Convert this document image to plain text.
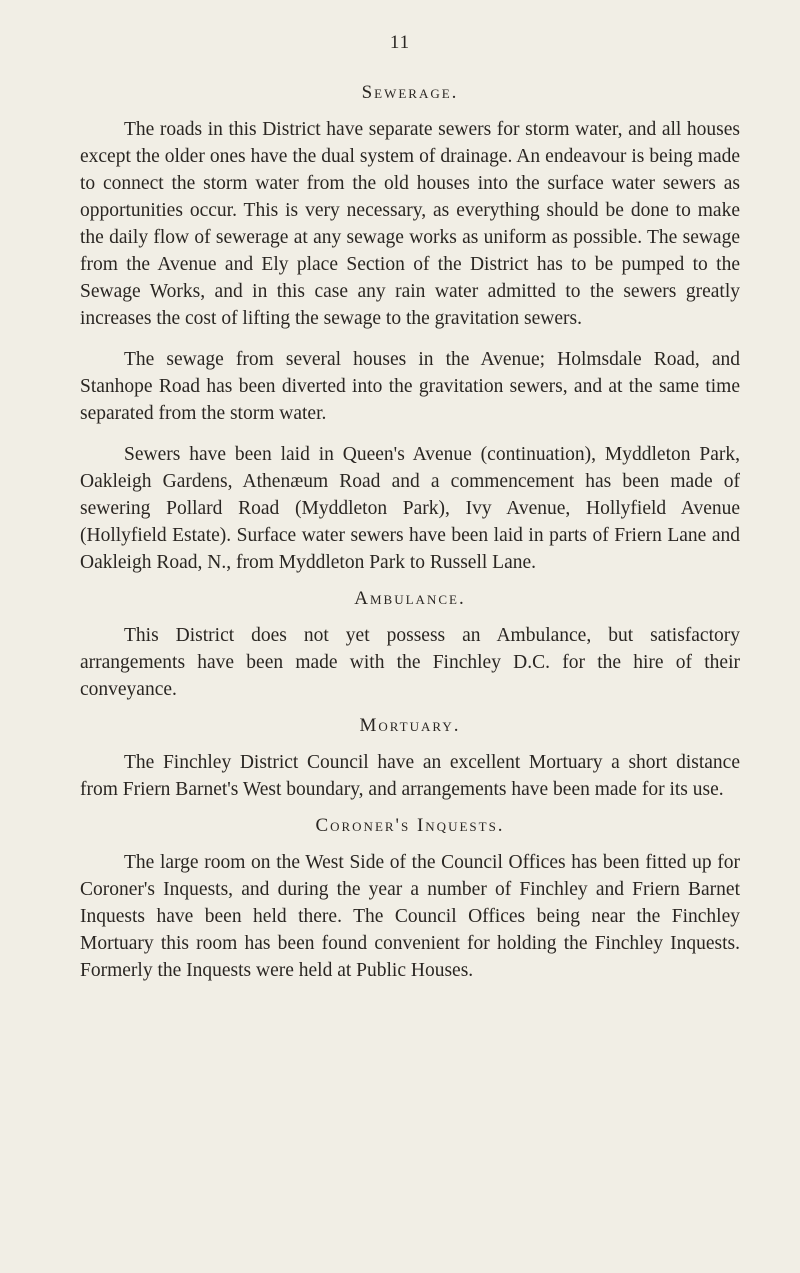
11
Sewerage.

The roads in this District have separate sewers for storm water, and all houses except the older ones have the dual system of drainage. An endeavour is being made to connect the storm water from the old houses into the surface water sewers as opportunities occur. This is very necessary, as everything should be done to make the daily flow of sewerage at any sewage works as uniform as possible. The sewage from the Avenue and Ely place Section of the District has to be pumped to the Sewage Works, and in this case any rain water admitted to the sewers greatly increases the cost of lifting the sewage to the gravitation sewers.

The sewage from several houses in the Avenue; Holmsdale Road, and Stanhope Road has been diverted into the gravitation sewers, and at the same time separated from the storm water.

Sewers have been laid in Queen's Avenue (continuation), Myddleton Park, Oakleigh Gardens, Athenæum Road and a commencement has been made of sewering Pollard Road (Myddleton Park), Ivy Avenue, Hollyfield Avenue (Hollyfield Estate). Surface water sewers have been laid in parts of Friern Lane and Oakleigh Road, N., from Myddleton Park to Russell Lane.

Ambulance.

This District does not yet possess an Ambulance, but satisfactory arrangements have been made with the Finchley D.C. for the hire of their conveyance.

Mortuary.

The Finchley District Council have an excellent Mortuary a short distance from Friern Barnet's West boundary, and arrangements have been made for its use.

Coroner's Inquests.

The large room on the West Side of the Council Offices has been fitted up for Coroner's Inquests, and during the year a number of Finchley and Friern Barnet Inquests have been held there. The Council Offices being near the Finchley Mortuary this room has been found convenient for holding the Finchley Inquests. Formerly the Inquests were held at Public Houses.
